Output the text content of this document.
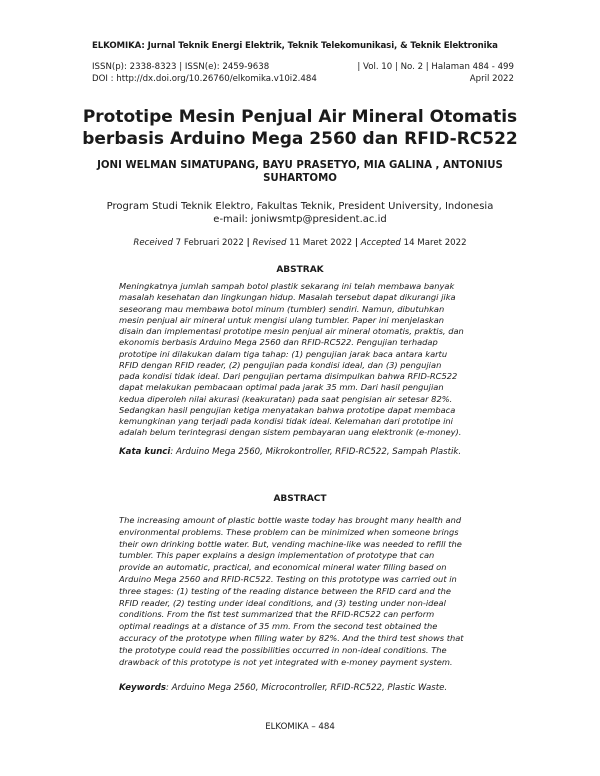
ELKOMIKA: Jurnal Teknik Energi Elektrik, Teknik Telekomunikasi, & Teknik Elektronika
ISSN(p): 2338-8323 | ISSN(e): 2459-9638
DOI : http://dx.doi.org/10.26760/elkomika.v10i2.484
| Vol. 10 | No. 2 | Halaman 484 - 499
April 2022
Prototipe Mesin Penjual Air Mineral Otomatis
berbasis Arduino Mega 2560 dan RFID-RC522
JONI WELMAN SIMATUPANG, BAYU PRASETYO, MIA GALINA , ANTONIUS
SUHARTOMO
Program Studi Teknik Elektro, Fakultas Teknik, President University, Indonesia
e-mail: joniwsmtp@president.ac.id
Received 7 Februari 2022 | Revised 11 Maret 2022 | Accepted 14 Maret 2022
ABSTRAK
Meningkatnya jumlah sampah botol plastik sekarang ini telah membawa banyak
masalah kesehatan dan lingkungan hidup. Masalah tersebut dapat dikurangi jika
seseorang mau membawa botol minum (tumbler) sendiri. Namun, dibutuhkan
mesin penjual air mineral untuk mengisi ulang tumbler. Paper ini menjelaskan
disain dan implementasi prototipe mesin penjual air mineral otomatis, praktis, dan
ekonomis berbasis Arduino Mega 2560 dan RFID-RC522. Pengujian terhadap
prototipe ini dilakukan dalam tiga tahap: (1) pengujian jarak baca antara kartu
RFID dengan RFID reader, (2) pengujian pada kondisi ideal, dan (3) pengujian
pada kondisi tidak ideal. Dari pengujian pertama disimpulkan bahwa RFID-RC522
dapat melakukan pembacaan optimal pada jarak 35 mm. Dari hasil pengujian
kedua diperoleh nilai akurasi (keakuratan) pada saat pengisian air setesar 82%.
Sedangkan hasil pengujian ketiga menyatakan bahwa prototipe dapat membaca
kemungkinan yang terjadi pada kondisi tidak ideal. Kelemahan dari prototipe ini
adalah belum terintegrasi dengan sistem pembayaran uang elektronik (e-money).
Kata kunci: Arduino Mega 2560, Mikrokontroller, RFID-RC522, Sampah Plastik.
ABSTRACT
The increasing amount of plastic bottle waste today has brought many health and
environmental problems. These problem can be minimized when someone brings
their own drinking bottle water. But, vending machine-like was needed to refill the
tumbler. This paper explains a design implementation of prototype that can
provide an automatic, practical, and economical mineral water filling based on
Arduino Mega 2560 and RFID-RC522. Testing on this prototype was carried out in
three stages: (1) testing of the reading distance between the RFID card and the
RFID reader, (2) testing under ideal conditions, and (3) testing under non-ideal
conditions. From the fist test summarized that the RFID-RC522 can perform
optimal readings at a distance of 35 mm. From the second test obtained the
accuracy of the prototype when filling water by 82%. And the third test shows that
the prototype could read the possibilities occurred in non-ideal conditions. The
drawback of this prototype is not yet integrated with e-money payment system.
Keywords: Arduino Mega 2560, Microcontroller, RFID-RC522, Plastic Waste.
ELKOMIKA – 484
